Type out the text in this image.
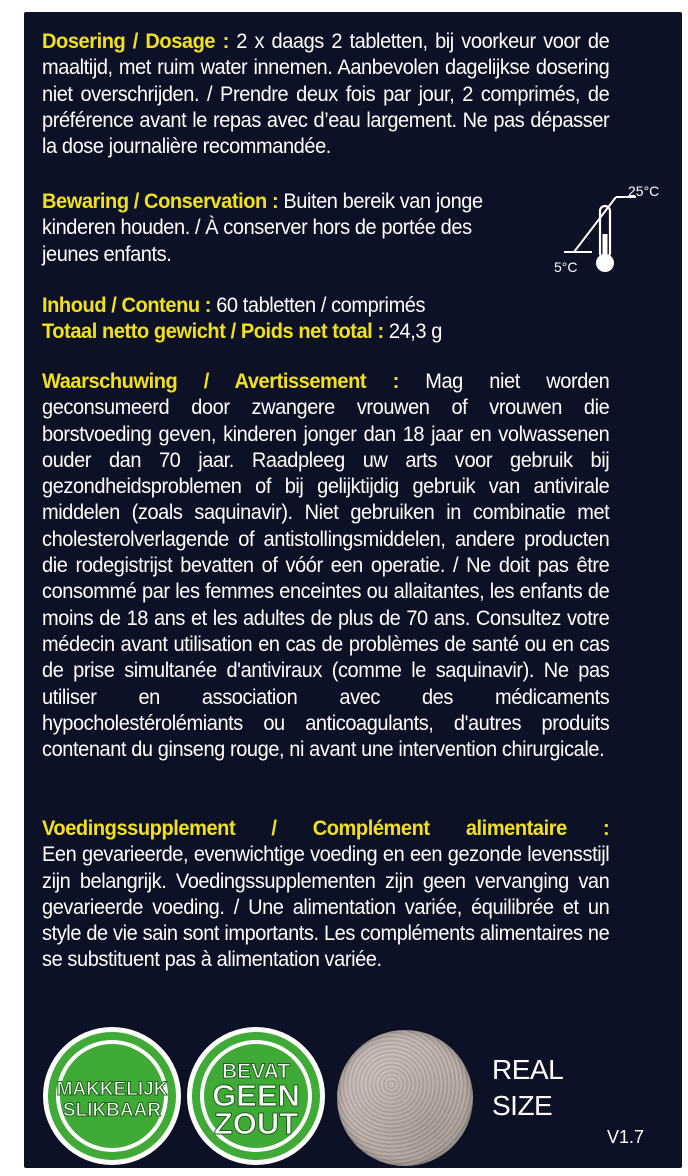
Dosering / Dosage : 2 x daags 2 tabletten, bij voorkeur voor de maaltijd, met ruim water innemen. Aanbevolen dagelijkse dosering niet overschrijden. / Prendre deux fois par jour, 2 comprimés, de préférence avant le repas avec d’eau largement. Ne pas dépasser la dose journalière recommandée.
Bewaring / Conservation : Buiten bereik van jonge kinderen houden. / À conserver hors de portée des jeunes enfants.
25°C
5°C
Inhoud / Contenu : 60 tabletten / comprimés
Totaal netto gewicht / Poids net total : 24,3 g
Waarschuwing / Avertissement : Mag niet worden geconsumeerd door zwangere vrouwen of vrouwen die borstvoeding geven, kinderen jonger dan 18 jaar en volwassenen ouder dan 70 jaar. Raadpleeg uw arts voor gebruik bij gezondheidsproblemen of bij gelijktijdig gebruik van antivirale middelen (zoals saquinavir). Niet gebruiken in combinatie met cholesterolverlagende of antistollingsmiddelen, andere producten die rodegistrijst bevatten of vóór een operatie. / Ne doit pas être consommé par les femmes enceintes ou allaitantes, les enfants de moins de 18 ans et les adultes de plus de 70 ans. Consultez votre médecin avant utilisation en cas de problèmes de santé ou en cas de prise simultanée d'antiviraux (comme le saquinavir). Ne pas utiliser en association avec des médicaments hypocholestérolémiants ou anticoagulants, d'autres produits contenant du ginseng rouge, ni avant une intervention chirurgicale.
Voedingssupplement / Complément alimentaire :
Een gevarieerde, evenwichtige voeding en een gezonde levensstijl zijn belangrijk. Voedingssupplementen zijn geen vervanging van gevarieerde voeding. / Une alimentation variée, équilibrée et un style de vie sain sont importants. Les compléments alimentaires ne se substituent pas à alimentation variée.
MAKKELIJK
SLIKBAAR
BEVAT
GEEN
ZOUT
REAL
SIZE
V1.7
